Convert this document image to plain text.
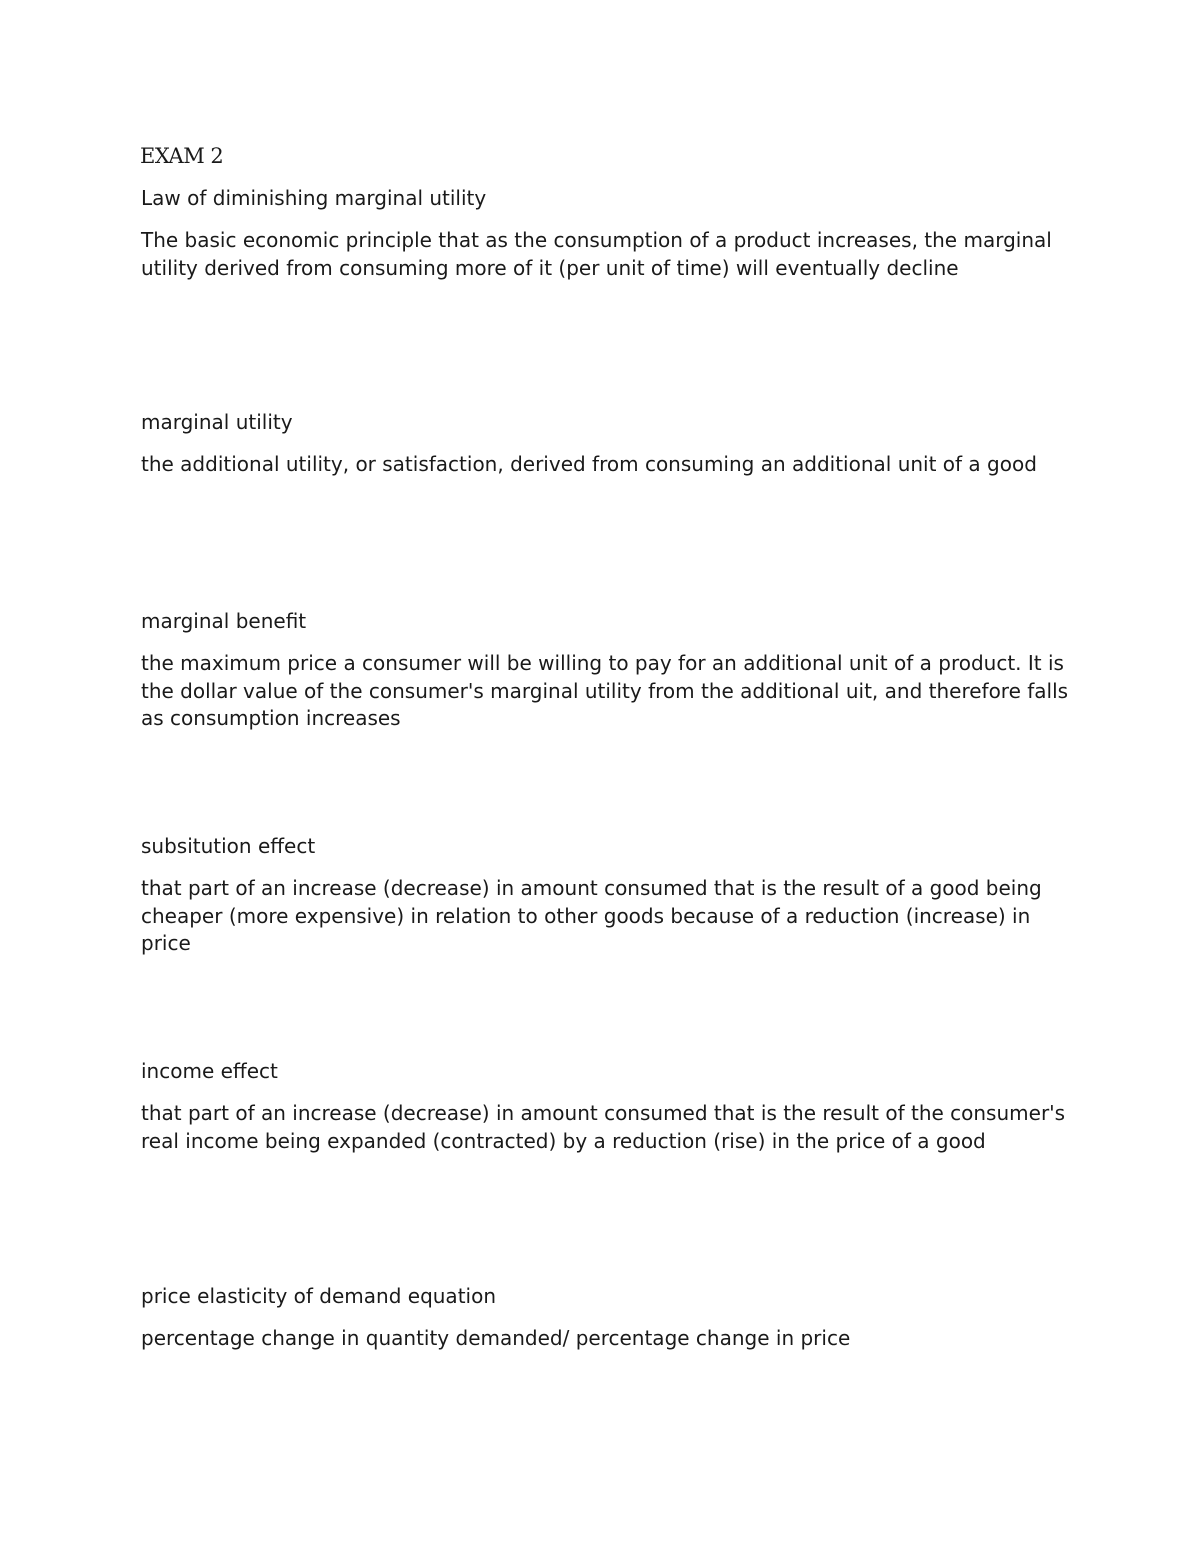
EXAM 2

Law of diminishing marginal utility

The basic economic principle that as the consumption of a product increases, the marginal utility derived from consuming more of it (per unit of time) will eventually decline

marginal utility

the additional utility, or satisfaction, derived from consuming an additional unit of a good

marginal benefit

the maximum price a consumer will be willing to pay for an additional unit of a product. It is the dollar value of the consumer's marginal utility from the additional uit, and therefore falls as consumption increases

subsitution effect

that part of an increase (decrease) in amount consumed that is the result of a good being cheaper (more expensive) in relation to other goods because of a reduction (increase) in price

income effect

that part of an increase (decrease) in amount consumed that is the result of the consumer's real income being expanded (contracted) by a reduction (rise) in the price of a good

price elasticity of demand equation

percentage change in quantity demanded/ percentage change in price
